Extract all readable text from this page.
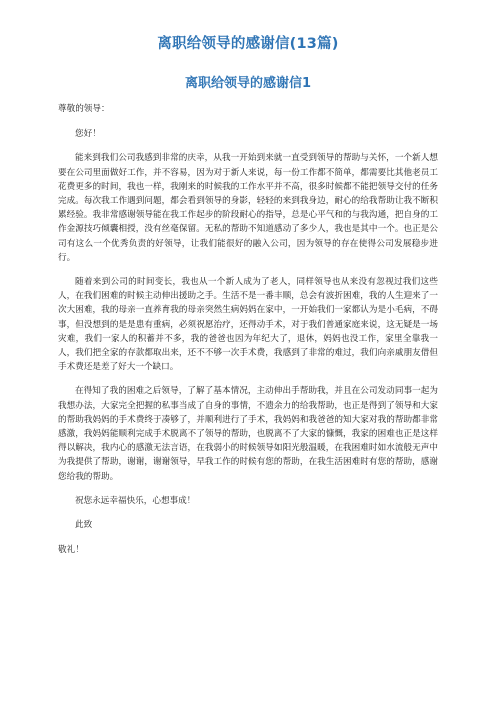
离职给领导的感谢信(13篇)
离职给领导的感谢信1

尊敬的领导：

您好！

能来到我们公司我感到非常的庆幸，从我一开始到来就一直受到领导的帮助与关怀，一个新人想要在公司里面做好工作，并不容易，因为对于新人来说，每一份工作都不简单，都需要比其他老员工花费更多的时间，我也一样，我刚来的时候我的工作水平并不高，很多时候都不能把领导交付的任务完成。每次我工作遇到问题，都会看到领导的身影，轻轻的来到我身边，耐心的给我帮助让我不断积累经验。我非常感谢领导能在我工作起步的阶段耐心的指导，总是心平气和的与我沟通，把自身的工作金源技巧倾囊相授，没有丝毫保留。无私的帮助不知道感动了多少人，我也是其中一个。也正是公司有这么一个优秀负责的好领导，让我们能很好的融入公司，因为领导的存在使得公司发展稳步进行。

随着来到公司的时间变长，我也从一个新人成为了老人，同样领导也从来没有忽视过我们这些人，在我们困难的时候主动伸出援助之手。生活不是一番丰顺，总会有波折困难，我的人生迎来了一次大困难，我的母亲一直养育我的母亲突然生病妈妈在家中，一开始我们一家都认为是小毛病，不碍事，但没想到的是是患有重病，必须祝愿治疗，还得动手术，对于我们普通家庭来说，这无疑是一场灾难，我们一家人的积蓄并不多，我的爸爸也因为年纪大了，退休，妈妈也没工作，家里全靠我一人，我们把全家的存款都取出来，还不不够一次手术费，我感到了非常的难过，我们向亲戚朋友借但手术费还是差了好大一个缺口。

在得知了我的困难之后领导，了解了基本情况，主动伸出手帮助我，并且在公司发动同事一起为我想办法，大家完全把握的私事当成了自身的事情，不遗余力的给我帮助，也正是得到了领导和大家的帮助我妈妈的手术费终于凑够了，并顺利进行了手术，我妈妈和我爸爸的知大家对我的帮助都非常感激，我妈妈能顺利完成手术脱离不了领导的帮助，也脱离不了大家的慷慨，我家的困难也正是这样得以解决，我内心的感激无法言语，在我弱小的时候领导如阳光般温暖，在我困难时如水流般无声中为我提供了帮助，谢谢，谢谢领导，早我工作的时候有您的帮助，在我生活困难时有您的帮助，感谢您给我的帮助。

祝您永远幸福快乐，心想事成！

此致

敬礼！
